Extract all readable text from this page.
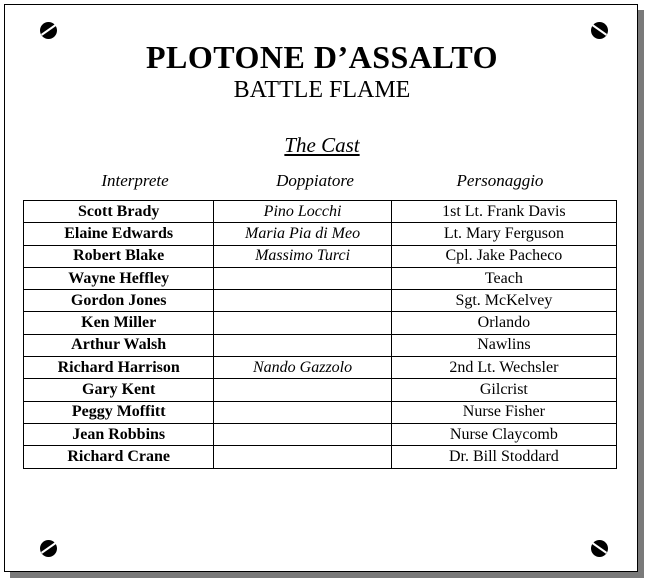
PLOTONE D’ASSALTO
BATTLE FLAME
The Cast
Interprete	Doppiatore	Personaggio
Scott Brady	Pino Locchi	1st Lt. Frank Davis
Elaine Edwards	Maria Pia di Meo	Lt. Mary Ferguson
Robert Blake	Massimo Turci	Cpl. Jake Pacheco
Wayne Heffley		Teach
Gordon Jones		Sgt. McKelvey
Ken Miller		Orlando
Arthur Walsh		Nawlins
Richard Harrison	Nando Gazzolo	2nd Lt. Wechsler
Gary Kent		Gilcrist
Peggy Moffitt		Nurse Fisher
Jean Robbins		Nurse Claycomb
Richard Crane		Dr. Bill Stoddard
